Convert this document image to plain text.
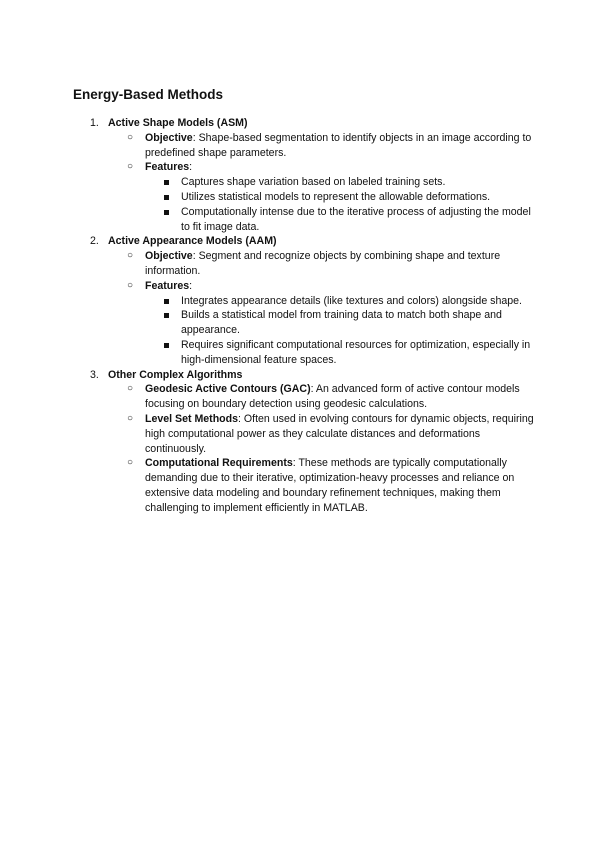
Energy-Based Methods
1. Active Shape Models (ASM)
○ Objective: Shape-based segmentation to identify objects in an image according to predefined shape parameters.
○ Features:
Captures shape variation based on labeled training sets.
Utilizes statistical models to represent the allowable deformations.
Computationally intense due to the iterative process of adjusting the model to fit image data.
2. Active Appearance Models (AAM)
○ Objective: Segment and recognize objects by combining shape and texture information.
○ Features:
Integrates appearance details (like textures and colors) alongside shape.
Builds a statistical model from training data to match both shape and appearance.
Requires significant computational resources for optimization, especially in high-dimensional feature spaces.
3. Other Complex Algorithms
○ Geodesic Active Contours (GAC): An advanced form of active contour models focusing on boundary detection using geodesic calculations.
○ Level Set Methods: Often used in evolving contours for dynamic objects, requiring high computational power as they calculate distances and deformations continuously.
○ Computational Requirements: These methods are typically computationally demanding due to their iterative, optimization-heavy processes and reliance on extensive data modeling and boundary refinement techniques, making them challenging to implement efficiently in MATLAB.
